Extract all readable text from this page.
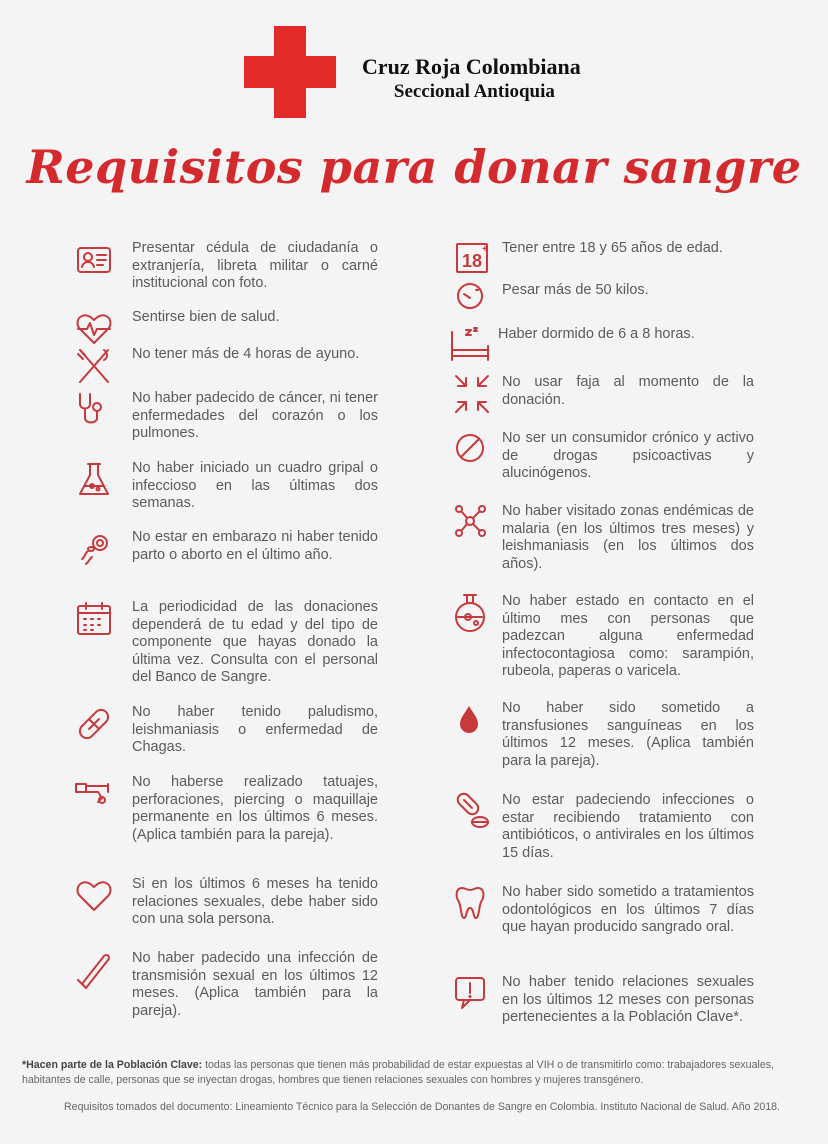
Cruz Roja Colombiana
Seccional Antioquia
Requisitos para donar sangre
Presentar cédula de ciudadanía o extranjería, libreta militar o carné institucional con foto.
Sentirse bien de salud.
No tener más de 4 horas de ayuno.
No haber padecido de cáncer, ni tener enfermedades del corazón o los pulmones.
No haber iniciado un cuadro gripal o infeccioso en las últimas dos semanas.
No estar en embarazo ni haber tenido parto o aborto en el último año.
La periodicidad de las donaciones dependerá de tu edad y del tipo de componente que hayas donado la última vez. Consulta con el personal del Banco de Sangre.
No haber tenido paludismo, leishmaniasis o enfermedad de Chagas.
No haberse realizado tatuajes, perforaciones, piercing o maquillaje permanente en los últimos 6 meses. (Aplica también para la pareja).
Si en los últimos 6 meses ha tenido relaciones sexuales, debe haber sido con una sola persona.
No haber padecido una infección de transmisión sexual en los últimos 12 meses. (Aplica también para la pareja).
18
+ Tener entre 18 y 65 años de edad.
Pesar más de 50 kilos.
Haber dormido de 6 a 8 horas.
No usar faja al momento de la donación.
No ser un consumidor crónico y activo de drogas psicoactivas y alucinógenos.
No haber visitado zonas endémicas de malaria (en los últimos tres meses) y leishmaniasis (en los últimos dos años).
No haber estado en contacto en el último mes con personas que padezcan alguna enfermedad infectocontagiosa como: sarampión, rubeola, paperas o varicela.
No haber sido sometido a transfusiones sanguíneas en los últimos 12 meses. (Aplica también para la pareja).
No estar padeciendo infecciones o estar recibiendo tratamiento con antibióticos, o antivirales en los últimos 15 días.
No haber sido sometido a tratamientos odontológicos en los últimos 7 días que hayan producido sangrado oral.
No haber tenido relaciones sexuales en los últimos 12 meses con personas pertenecientes a la Población Clave*.
*Hacen parte de la Población Clave: todas las personas que tienen más probabilidad de estar expuestas al VIH o de transmitirlo como: trabajadores sexuales, habitantes de calle, personas que se inyectan drogas, hombres que tienen relaciones sexuales con hombres y mujeres transgénero.
Requisitos tomados del documento: Lineamiento Técnico para la Selección de Donantes de Sangre en Colombia. Instituto Nacional de Salud. Año 2018.
